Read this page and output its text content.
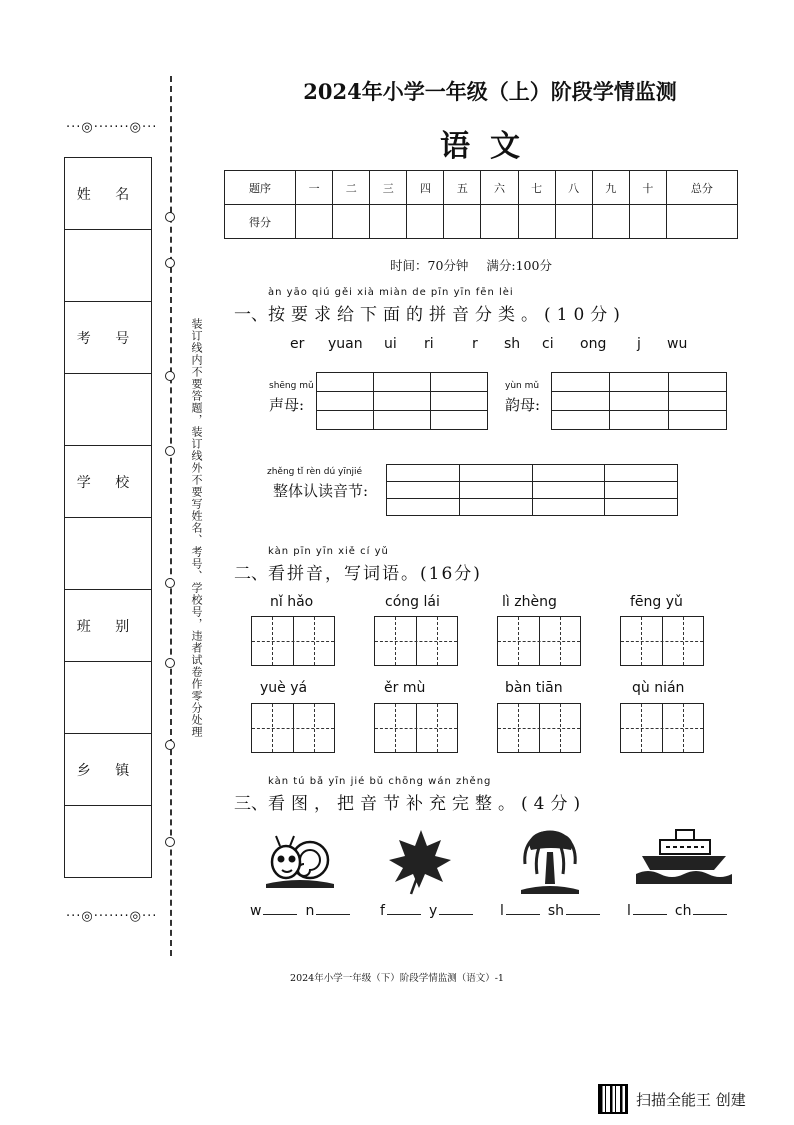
···◎·······◎···
姓 名

考 号

学 校

班 别

乡 镇

···◎·······◎···
装订线内不要答题，装订线外不要写姓名、考号、学校号，违者试卷作零分处理
2024年小学一年级（上）阶段学情监测
语文
题序	一	二	三	四	五	六	七	八	九	十	总分
得分											
时间：70分钟 满分:100分
一、
àn yāo qiú gěi xià miàn de pīn yīn fēn lèi
按要求给下面的拼音分类。(10分)
er yuan ui ri	r sh ci ong j wu
shēng mǔ
声母:

yùn mǔ
韵母:

zhěng tǐ rèn dú yīnjié
整体认读音节:

二、
kàn pīn yīn xiě cí yǔ
看拼音，写词语。(16分)
nǐ hǎo	cóng lái	lì zhèng	fēng yǔ
yuè yá	ěr mù	bàn tiān	qù nián
三、
kàn tú bǎ yīn jié bǔ chōng wán zhěng
看图，把音节补充完整。(4分)
w	n	f	y	l	sh	l	ch
2024年小学一年级（下）阶段学情监测（语文）-1
扫描全能王 创建
